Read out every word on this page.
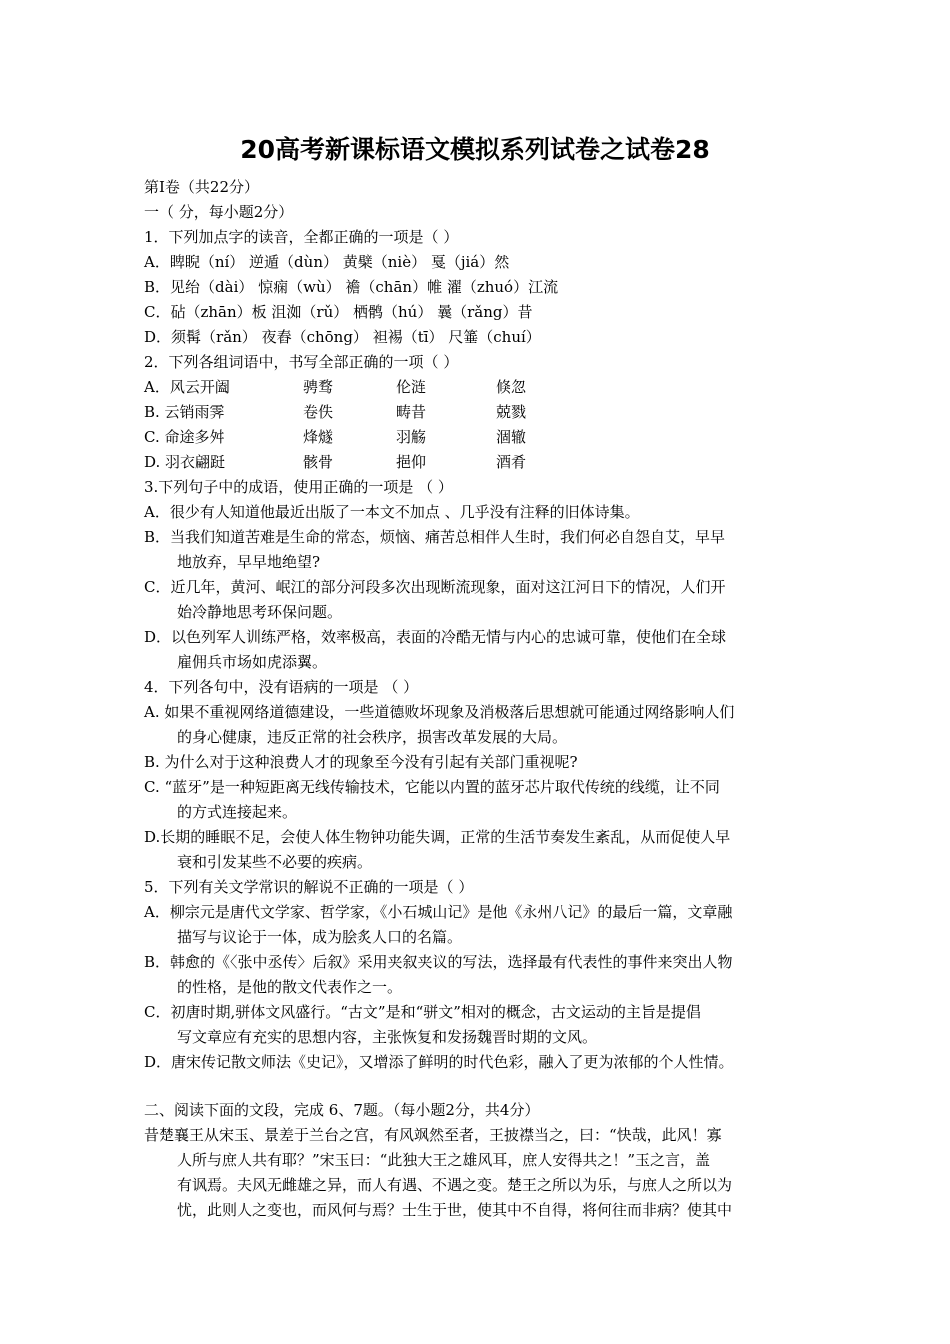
20高考新课标语文模拟系列试卷之试卷28
第Ⅰ卷（共22分）
一（ 分，每小题2分）
1．下列加点字的读音，全都正确的一项是（ ）
A．睥睨（ní） 逆遁（dùn） 黄檗（niè） 戛（jiá）然
B．见绐（dài） 惊痫（wù） 襜（chān）帷 濯（zhuó）江流
C．砧（zhān）板 沮洳（rǔ） 栖鹘（hú） 曩（rǎng）昔
D．须髯（rǎn） 夜舂（chōng） 袒裼（tī） 尺箠（chuí）
2．下列各组词语中，书写全部正确的一项（ ）
A．风云开阖	骋骛	伦涟	倏忽
B. 云销雨霁	卷佚	畴昔	兢戮
C. 命途多舛	烽燧	羽觞	涸辙
D. 羽衣翩跹	骸骨	挹仰	酒肴
3.下列句子中的成语，使用正确的一项是 （ ）
A．很少有人知道他最近出版了一本文不加点 、几乎没有注释的旧体诗集。
B．当我们知道苦难是生命的常态，烦恼、痛苦总相伴人生时，我们何必自怨自艾，早早
地放弃，早早地绝望?
C．近几年，黄河、岷江的部分河段多次出现断流现象，面对这江河日下的情况，人们开
始冷静地思考环保问题。
D．以色列军人训练严格，效率极高，表面的冷酷无情与内心的忠诚可靠，使他们在全球
雇佣兵市场如虎添翼。
4．下列各句中，没有语病的一项是 （ ）
A. 如果不重视网络道德建设，一些道德败坏现象及消极落后思想就可能通过网络影响人们
的身心健康，违反正常的社会秩序，损害改革发展的大局。
B. 为什么对于这种浪费人才的现象至今没有引起有关部门重视呢?
C. “蓝牙”是一种短距离无线传输技术，它能以内置的蓝牙芯片取代传统的线缆，让不同
的方式连接起来。
D.长期的睡眠不足，会使人体生物钟功能失调，正常的生活节奏发生紊乱，从而促使人早
衰和引发某些不必要的疾病。
5．下列有关文学常识的解说不正确的一项是（ ）
A．柳宗元是唐代文学家、哲学家，《小石城山记》是他《永州八记》的最后一篇，文章融
描写与议论于一体，成为脍炙人口的名篇。
B．韩愈的《〈张中丞传〉后叙》采用夹叙夹议的写法，选择最有代表性的事件来突出人物
的性格，是他的散文代表作之一。
C．初唐时期,骈体文风盛行。“古文”是和“骈文”相对的概念，古文运动的主旨是提倡
写文章应有充实的思想内容，主张恢复和发扬魏晋时期的文风。
D．唐宋传记散文师法《史记》，又增添了鲜明的时代色彩，融入了更为浓郁的个人性情。
二、阅读下面的文段，完成 6、7题。（每小题2分，共4分）
昔楚襄王从宋玉、景差于兰台之宫，有风飒然至者，王披襟当之，曰：“快哉，此风！寡
人所与庶人共有耶？”宋玉曰：“此独大王之雄风耳，庶人安得共之！”玉之言，盖
有讽焉。夫风无雌雄之异，而人有遇、不遇之变。楚王之所以为乐，与庶人之所以为
忧，此则人之变也，而风何与焉？士生于世，使其中不自得，将何往而非病？使其中
